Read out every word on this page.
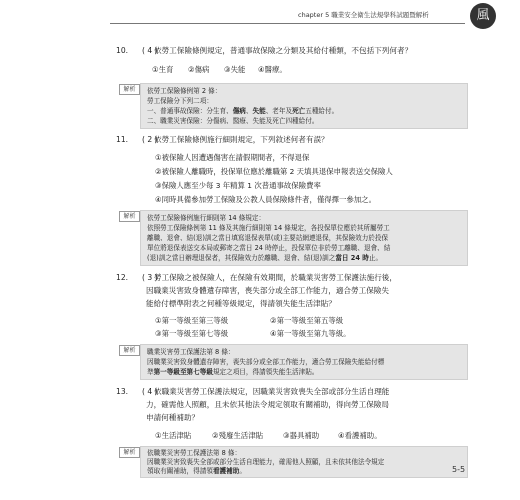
chapter 5 職業安全衛生法規學科試題暨解析	風
10. ( 4 )
依勞工保險條例規定，普通事故保險之分類及其給付種類，不包括下列何者？
①生育 ②傷病 ③失能 ④醫療。
解析	依勞工保險條例第 2 條：
勞工保險分下列二項：
一、普通事故保險：分生育、傷病、失能、老年及死亡五種給付。
二、職業災害保險：分傷病、醫療、失能及死亡四種給付。
11. ( 2 )
依勞工保險條例施行細則規定，下列敘述何者有誤？
①被保險人因遭遇傷害在請假期間者，不得退保
②被保險人離職時，投保單位應於離職第 2 天填具退保申報表送交保險人
③保險人應至少每 3 年精算 1 次普通事故保險費率
④同時具備參加勞工保險及公教人員保險條件者，僅得擇一參加之。
解析	依勞工保險條例施行細則第 14 條規定：
依照勞工保險條例第 11 條及其施行細則第 14 條規定，各投保單位應於其所屬勞工
離職、退會、結(退)訓之當日填寫退保表單(或)主要站網連退保，其保險效力於投保
單位將退保表送交本局或郵寄之當日 24 時停止，投保單位非於勞工離職、退會、結
(退)訓之當日辦理退保者，其保險效力於離職、退會、結(退)訓之當日 24 時止。
12. ( 3 )
勞工保險之被保險人，在保險有效期間，於職業災害勞工保護法施行後，
因職業災害致身體遺存障害，喪失部分或全部工作能力，適合勞工保險失
能給付標準附表之何種等級規定，得請領失能生活津貼？
①第一等級至第三等級	②第一等級至第五等級
③第一等級至第七等級	④第一等級至第九等級。
解析	職業災害勞工保護法第 8 條：
因職業災害致身體遺存障害，喪失部分或全部工作能力，適合勞工保險失能給付標
準第一等級至第七等級規定之項目，得請領失能生活津貼。
13. ( 4 )
依職業災害勞工保護法規定，因職業災害致喪失全部或部分生活自理能
力，確需他人照顧，且未依其他法令規定領取有關補助，得向勞工保險局
申請何種補助？
①生活津貼	②殘廢生活津貼	③器具補助	④看護補助。
解析	依職業災害勞工保護法第 8 條：
因職業災害致喪失全部或部分生活自理能力，確需他人照顧，且未依其他法令規定
領取有關補助，得請領看護補助。	5-5
